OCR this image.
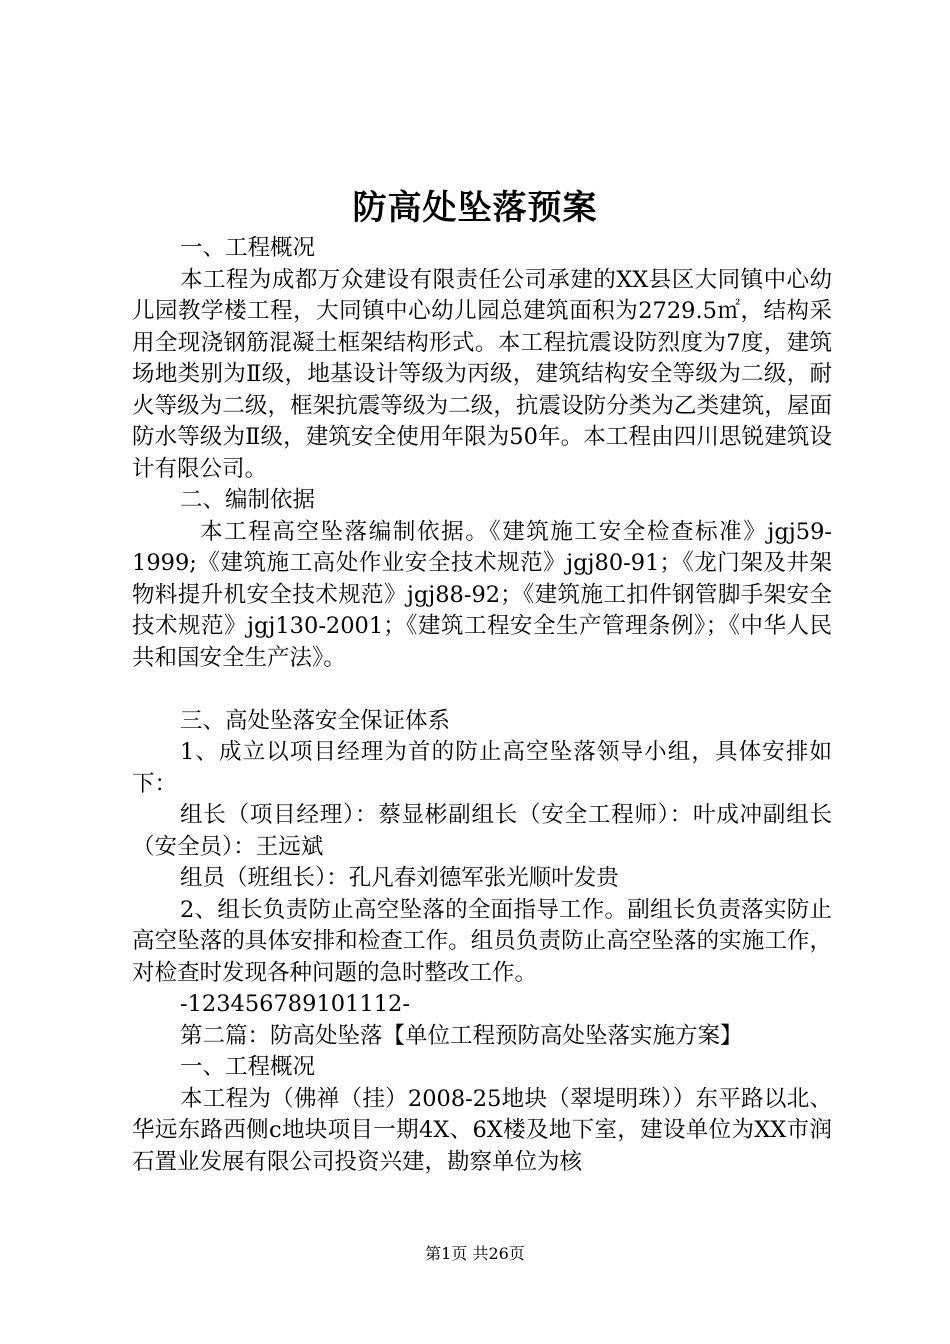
防高处坠落预案

一、工程概况

本工程为成都万众建设有限责任公司承建的XX县区大同镇中心幼儿园教学楼工程，大同镇中心幼儿园总建筑面积为2729.5㎡，结构采用全现浇钢筋混凝土框架结构形式。本工程抗震设防烈度为7度，建筑场地类别为Ⅱ级，地基设计等级为丙级，建筑结构安全等级为二级，耐火等级为二级，框架抗震等级为二级，抗震设防分类为乙类建筑，屋面防水等级为Ⅱ级，建筑安全使用年限为50年。本工程由四川思锐建筑设计有限公司。

二、编制依据

本工程高空坠落编制依据。《建筑施工安全检查标准》jgj59-1999;《建筑施工高处作业安全技术规范》jgj80-91；《龙门架及井架物料提升机安全技术规范》jgj88-92；《建筑施工扣件钢管脚手架安全技术规范》jgj130-2001；《建筑工程安全生产管理条例》；《中华人民共和国安全生产法》。

三、高处坠落安全保证体系

1、成立以项目经理为首的防止高空坠落领导小组，具体安排如下：

组长（项目经理）：蔡显彬副组长（安全工程师）：叶成冲副组长（安全员）：王远斌

组员（班组长）：孔凡春刘德军张光顺叶发贵

2、组长负责防止高空坠落的全面指导工作。副组长负责落实防止高空坠落的具体安排和检查工作。组员负责防止高空坠落的实施工作，对检查时发现各种问题的急时整改工作。

-123456789101112-

第二篇：防高处坠落【单位工程预防高处坠落实施方案】

一、工程概况

本工程为（佛禅（挂）2008-25地块（翠堤明珠））东平路以北、华远东路西侧c地块项目一期4X、6X楼及地下室，建设单位为XX市润石置业发展有限公司投资兴建，勘察单位为核

第1页 共26页
